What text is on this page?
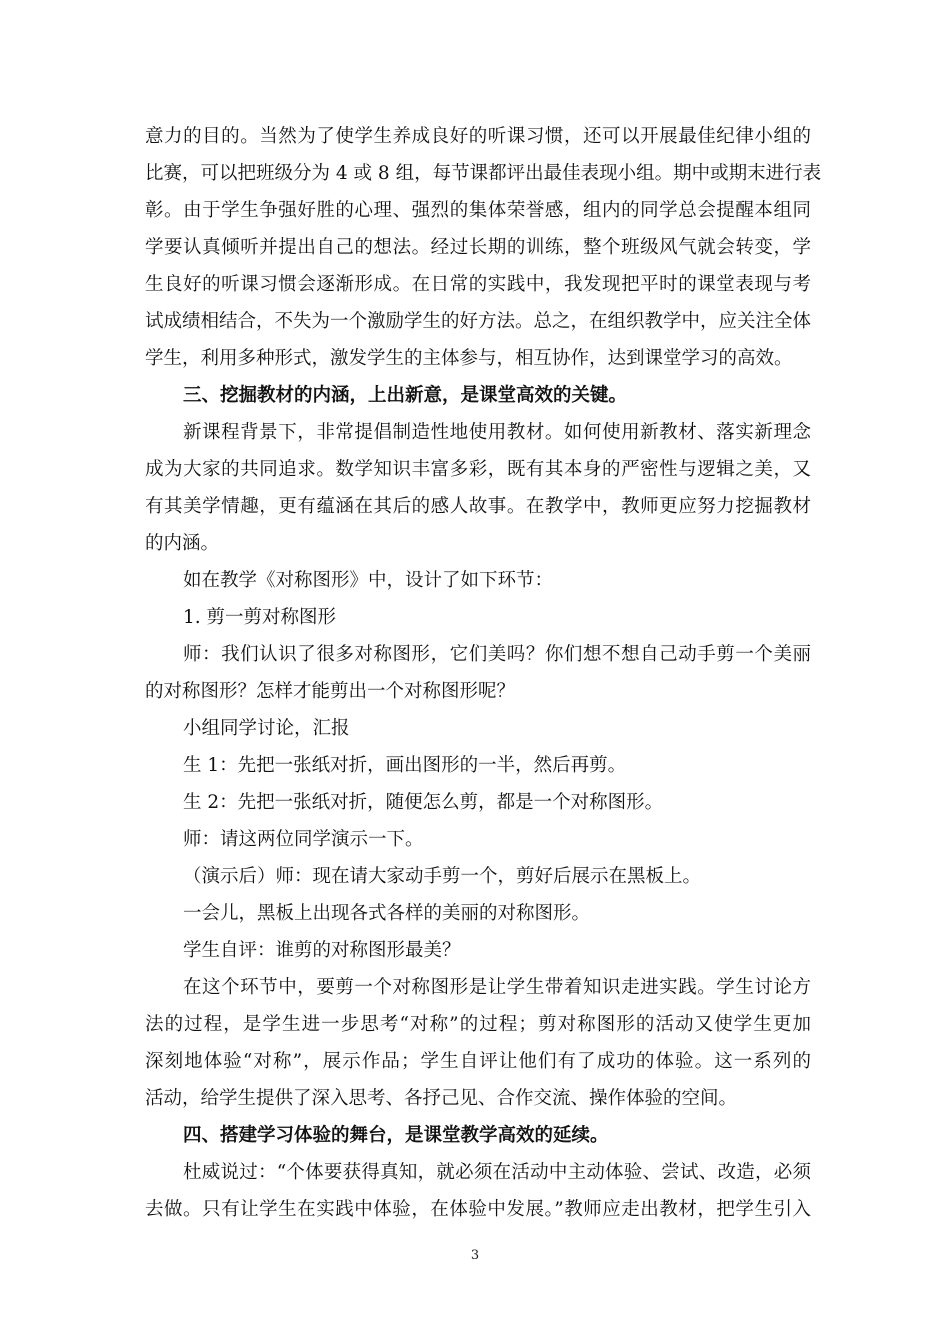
意力的目的。当然为了使学生养成良好的听课习惯，还可以开展最佳纪律小组的
比赛，可以把班级分为 4 或 8 组，每节课都评出最佳表现小组。期中或期末进行表
彰。由于学生争强好胜的心理、强烈的集体荣誉感，组内的同学总会提醒本组同
学要认真倾听并提出自己的想法。经过长期的训练，整个班级风气就会转变，学
生良好的听课习惯会逐渐形成。在日常的实践中，我发现把平时的课堂表现与考
试成绩相结合，不失为一个激励学生的好方法。总之，在组织教学中，应关注全体
学生，利用多种形式，激发学生的主体参与，相互协作，达到课堂学习的高效。
三、挖掘教材的内涵，上出新意，是课堂高效的关键。
新课程背景下，非常提倡制造性地使用教材。如何使用新教材、落实新理念
成为大家的共同追求。数学知识丰富多彩，既有其本身的严密性与逻辑之美，又
有其美学情趣，更有蕴涵在其后的感人故事。在教学中，教师更应努力挖掘教材
的内涵。
如在教学《对称图形》中，设计了如下环节：
1. 剪一剪对称图形
师：我们认识了很多对称图形，它们美吗？你们想不想自己动手剪一个美丽
的对称图形？怎样才能剪出一个对称图形呢？
小组同学讨论，汇报
生 1：先把一张纸对折，画出图形的一半，然后再剪。
生 2：先把一张纸对折，随便怎么剪，都是一个对称图形。
师：请这两位同学演示一下。
（演示后）师：现在请大家动手剪一个，剪好后展示在黑板上。
一会儿，黑板上出现各式各样的美丽的对称图形。
学生自评：谁剪的对称图形最美？
在这个环节中，要剪一个对称图形是让学生带着知识走进实践。学生讨论方
法的过程，是学生进一步思考“对称”的过程；剪对称图形的活动又使学生更加
深刻地体验“对称”，展示作品；学生自评让他们有了成功的体验。这一系列的
活动，给学生提供了深入思考、各抒己见、合作交流、操作体验的空间。
四、搭建学习体验的舞台，是课堂教学高效的延续。
杜威说过：“个体要获得真知，就必须在活动中主动体验、尝试、改造，必须
去做。只有让学生在实践中体验，在体验中发展。”教师应走出教材，把学生引入
3
